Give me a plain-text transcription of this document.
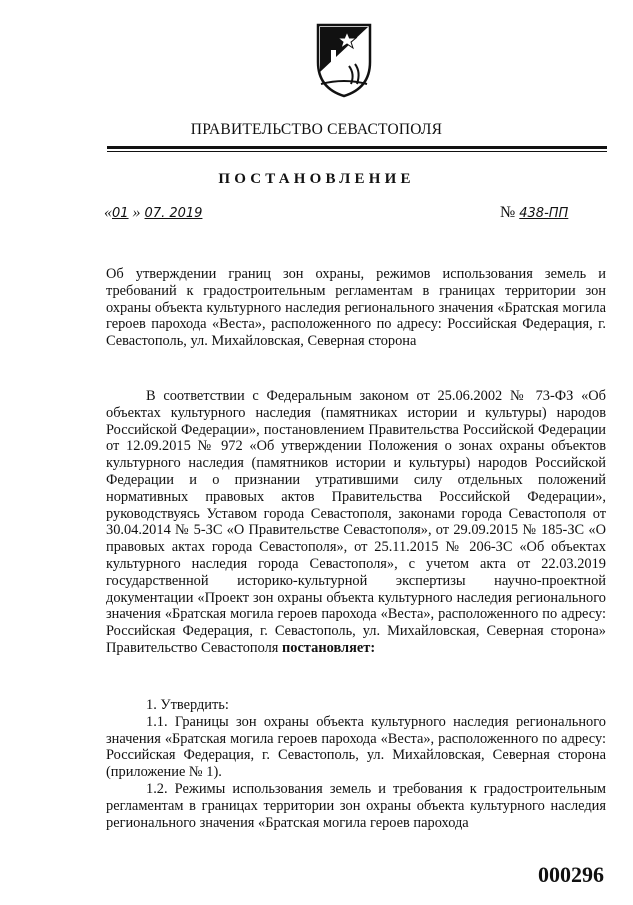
ПРАВИТЕЛЬСТВО СЕВАСТОПОЛЯ
ПОСТАНОВЛЕНИЕ
«01 » 07. 2019	№ 438-ПП
Об утверждении границ зон охраны, режимов использования земель и требований к градостроительным регламентам в границах территории зон охраны объекта культурного наследия регионального значения «Братская могила героев парохода «Веста», расположенного по адресу: Российская Федерация, г. Севастополь, ул. Михайловская, Северная сторона
В соответствии с Федеральным законом от 25.06.2002 № 73-ФЗ «Об объектах культурного наследия (памятниках истории и культуры) народов Российской Федерации», постановлением Правительства Российской Федерации от 12.09.2015 № 972 «Об утверждении Положения о зонах охраны объектов культурного наследия (памятников истории и культуры) народов Российской Федерации и о признании утратившими силу отдельных положений нормативных правовых актов Правительства Российской Федерации», руководствуясь Уставом города Севастополя, законами города Севастополя от 30.04.2014 № 5-ЗС «О Правительстве Севастополя», от 29.09.2015 № 185-ЗС «О правовых актах города Севастополя», от 25.11.2015 № 206-ЗС «Об объектах культурного наследия города Севастополя», с учетом акта от 22.03.2019 государственной историко-культурной экспертизы научно-проектной документации «Проект зон охраны объекта культурного наследия регионального значения «Братская могила героев парохода «Веста», расположенного по адресу: Российская Федерация, г. Севастополь, ул. Михайловская, Северная сторона» Правительство Севастополя постановляет:

1. Утвердить:

1.1. Границы зон охраны объекта культурного наследия регионального значения «Братская могила героев парохода «Веста», расположенного по адресу: Российская Федерация, г. Севастополь, ул. Михайловская, Северная сторона (приложение № 1).

1.2. Режимы использования земель и требования к градостроительным регламентам в границах территории зон охраны объекта культурного наследия регионального значения «Братская могила героев парохода

000296
